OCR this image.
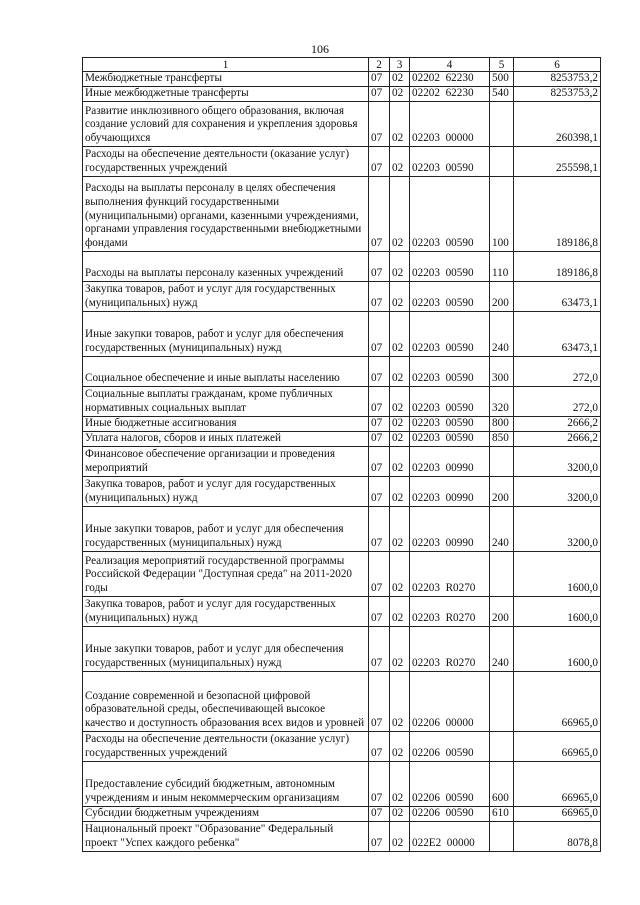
106
1	2	3	4	5	6
Межбюджетные трансферты	07	02	02202  62230	500	8253753,2
Иные межбюджетные трансферты	07	02	02202  62230	540	8253753,2
Развитие инклюзивного общего образования, включая создание условий для сохранения и укрепления здоровья обучающихся	07	02	02203  00000		260398,1
Расходы на обеспечение деятельности (оказание услуг) государственных учреждений	07	02	02203  00590		255598,1
Расходы на выплаты персоналу в целях обеспечения выполнения функций государственными (муниципальными) органами, казенными учреждениями, органами управления государственными внебюджетными фондами	07	02	02203  00590	100	189186,8
Расходы на выплаты персоналу казенных учреждений	07	02	02203  00590	110	189186,8
Закупка товаров, работ и услуг для государственных (муниципальных) нужд	07	02	02203  00590	200	63473,1
Иные закупки товаров, работ и услуг для обеспечения государственных (муниципальных) нужд	07	02	02203  00590	240	63473,1
Социальное обеспечение и иные выплаты населению	07	02	02203  00590	300	272,0
Социальные выплаты гражданам, кроме публичных нормативных социальных выплат	07	02	02203  00590	320	272,0
Иные бюджетные ассигнования	07	02	02203  00590	800	2666,2
Уплата налогов, сборов и иных платежей	07	02	02203  00590	850	2666,2
Финансовое обеспечение организации и проведения мероприятий	07	02	02203  00990		3200,0
Закупка товаров, работ и услуг для государственных (муниципальных) нужд	07	02	02203  00990	200	3200,0
Иные закупки товаров, работ и услуг для обеспечения государственных (муниципальных) нужд	07	02	02203  00990	240	3200,0
Реализация мероприятий государственной программы Российской Федерации "Доступная среда" на 2011-2020 годы	07	02	02203  R0270		1600,0
Закупка товаров, работ и услуг для государственных (муниципальных) нужд	07	02	02203  R0270	200	1600,0
Иные закупки товаров, работ и услуг для обеспечения государственных (муниципальных) нужд	07	02	02203  R0270	240	1600,0
Создание современной и безопасной цифровой образовательной среды, обеспечивающей высокое качество и доступность образования всех видов и уровней	07	02	02206  00000		66965,0
Расходы на обеспечение деятельности (оказание услуг) государственных учреждений	07	02	02206  00590		66965,0
Предоставление субсидий бюджетным, автономным учреждениям и иным некоммерческим организациям	07	02	02206  00590	600	66965,0
Субсидии бюджетным учреждениям	07	02	02206  00590	610	66965,0
Национальный проект "Образование" Федеральный проект "Успех каждого ребенка"	07	02	022E2  00000		8078,8
